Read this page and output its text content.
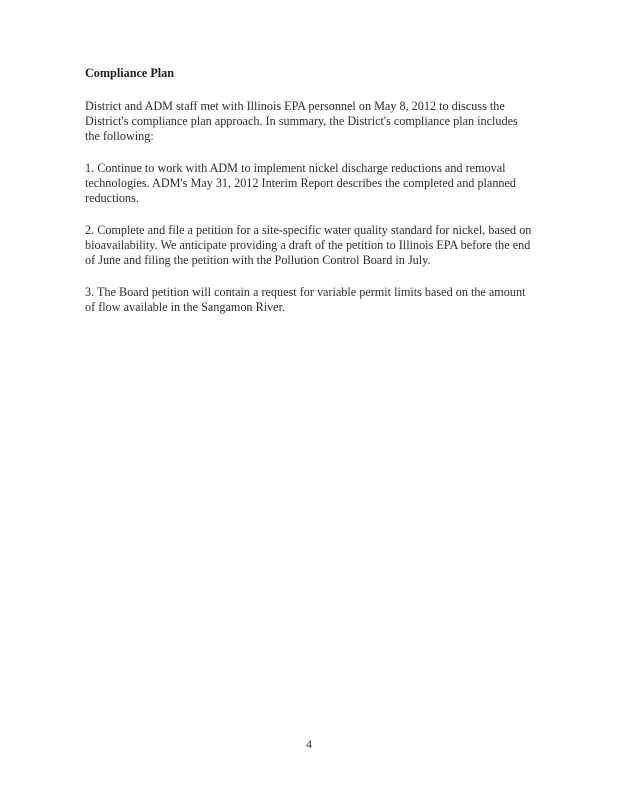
Compliance Plan

District and ADM staff met with Illinois EPA personnel on May 8, 2012 to discuss the District's compliance plan approach. In summary, the District's compliance plan includes the following:

1. Continue to work with ADM to implement nickel discharge reductions and removal technologies. ADM's May 31, 2012 Interim Report describes the completed and planned reductions.

2. Complete and file a petition for a site-specific water quality standard for nickel, based on bioavailability. We anticipate providing a draft of the petition to Illinois EPA before the end of June and filing the petition with the Pollution Control Board in July.

3. The Board petition will contain a request for variable permit limits based on the amount of flow available in the Sangamon River.

4
